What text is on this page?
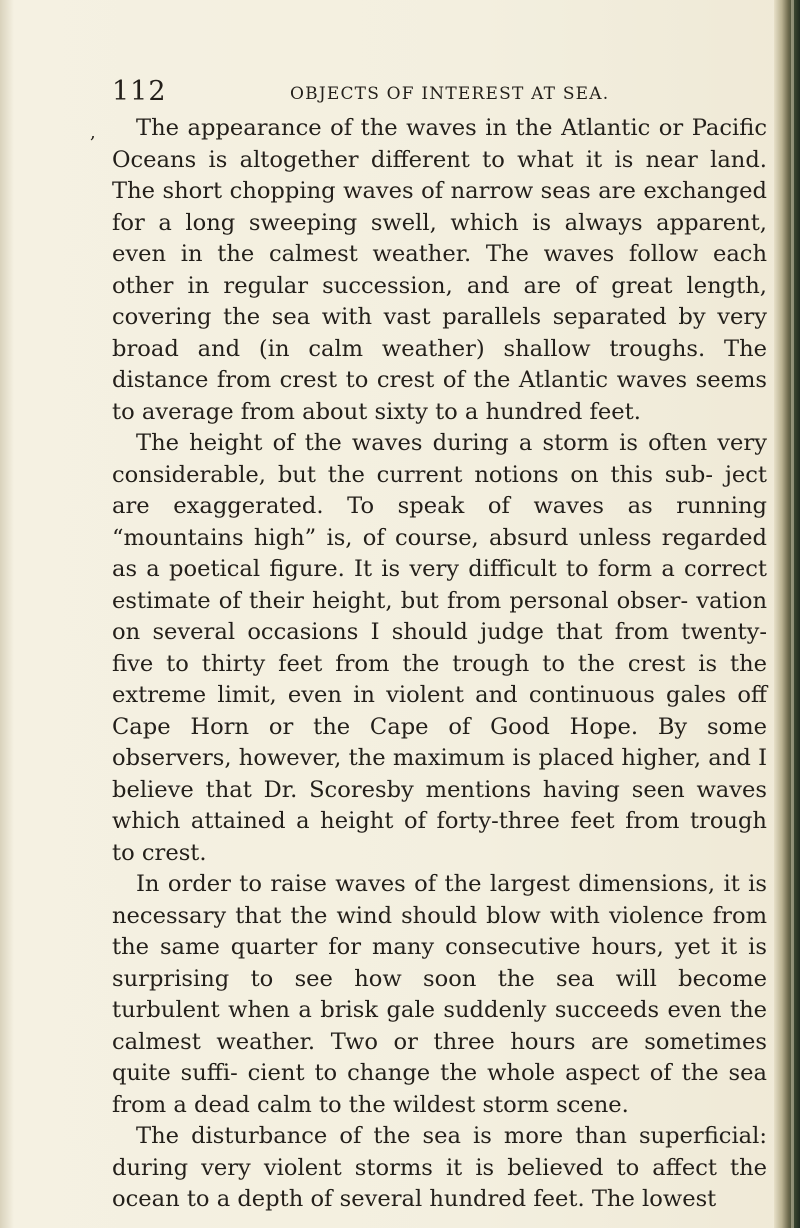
112	OBJECTS OF INTEREST AT SEA.
,	The appearance of the waves in the Atlantic or Pacific Oceans is altogether different to what it is near land. The short chopping waves of narrow seas are exchanged for a long sweeping swell, which is always apparent, even in the calmest weather. The waves follow each other in regular succession, and are of great length, covering the sea with vast parallels separated by very broad and (in calm weather) shallow troughs. The distance from crest to crest of the Atlantic waves seems to average from about sixty to a hundred feet.

The height of the waves during a storm is often very considerable, but the current notions on this sub- ject are exaggerated. To speak of waves as running “mountains high” is, of course, absurd unless regarded as a poetical figure. It is very difficult to form a correct estimate of their height, but from personal obser- vation on several occasions I should judge that from twenty-five to thirty feet from the trough to the crest is the extreme limit, even in violent and continuous gales off Cape Horn or the Cape of Good Hope. By some observers, however, the maximum is placed higher, and I believe that Dr. Scoresby mentions having seen waves which attained a height of forty-three feet from trough to crest.

In order to raise waves of the largest dimensions, it is necessary that the wind should blow with violence from the same quarter for many consecutive hours, yet it is surprising to see how soon the sea will become turbulent when a brisk gale suddenly succeeds even the calmest weather. Two or three hours are sometimes quite suffi- cient to change the whole aspect of the sea from a dead calm to the wildest storm scene.

The disturbance of the sea is more than superficial: during very violent storms it is believed to affect the ocean to a depth of several hundred feet. The lowest
